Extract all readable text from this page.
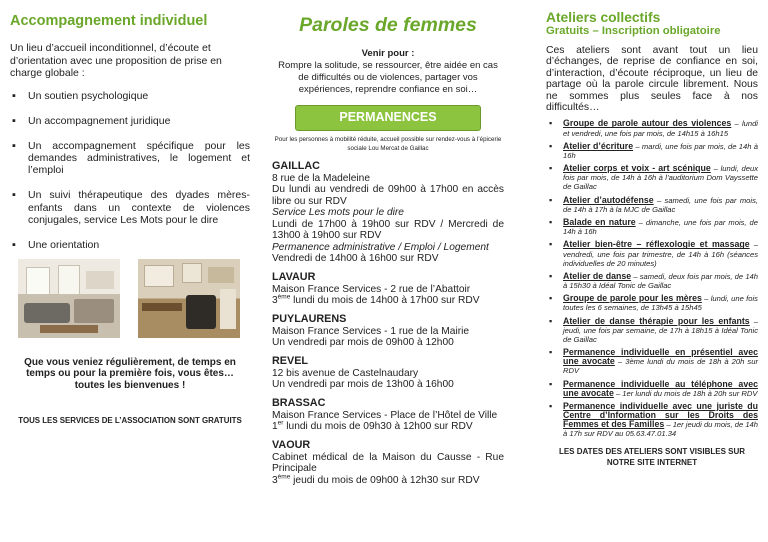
Accompagnement individuel

Un lieu d’accueil inconditionnel, d’écoute et d’orientation avec une proposition de prise en charge globale :

▪ Un soutien psychologique
▪ Un accompagnement juridique
▪ Un accompagnement spécifique pour les demandes administratives, le logement et l’emploi
▪ Un suivi thérapeutique des dyades mères-enfants dans un contexte de violences conjugales, service Les Mots pour le dire
▪ Une orientation

Que vous veniez régulièrement, de temps en temps ou pour la première fois, vous êtes… toutes les bienvenues !

TOUS LES SERVICES DE L’ASSOCIATION SONT GRATUITS

Paroles de femmes

Venir pour :

Rompre la solitude, se ressourcer, être aidée en cas de difficultés ou de violences, partager vos expériences, reprendre confiance en soi…

PERMANENCES

Pour les personnes à mobilité réduite, accueil possible sur rendez-vous à l’épicerie sociale Lou Mercat de Gaillac

GAILLAC

8 rue de la Madeleine

Du lundi au vendredi de 09h00 à 17h00 en accès libre ou sur RDV

Service Les mots pour le dire

Lundi de 17h00 à 19h00 sur RDV / Mercredi de 13h00 à 19h00 sur RDV

Permanence administrative / Emploi / Logement

Vendredi de 14h00 à 16h00 sur RDV

LAVAUR

Maison France Services - 2 rue de l’Abattoir

3ème lundi du mois de 14h00 à 17h00 sur RDV

PUYLAURENS

Maison France Services - 1 rue de la Mairie

Un vendredi par mois de 09h00 à 12h00

REVEL

12 bis avenue de Castelnaudary

Un vendredi par mois de 13h00 à 16h00

BRASSAC

Maison France Services - Place de l’Hôtel de Ville

1er lundi du mois de 09h30 à 12h00 sur RDV

VAOUR

Cabinet médical de la Maison du Causse - Rue Principale

3ème jeudi du mois de 09h00 à 12h30 sur RDV

Ateliers collectifs

Gratuits – Inscription obligatoire

Ces ateliers sont avant tout un lieu d’échanges, de reprise de confiance en soi, d’interaction, d’écoute réciproque, un lieu de partage où la parole circule librement. Nous ne sommes plus seules face à nos difficultés…

▪ Groupe de parole autour des violences – lundi et vendredi, une fois par mois, de 14h15 à 16h15
▪ Atelier d’écriture – mardi, une fois par mois, de 14h à 16h
▪ Atelier corps et voix - art scénique – lundi, deux fois par mois, de 14h à 16h à l’auditorium Dom Vayssette de Gaillac
▪ Atelier d’autodéfense – samedi, une fois par mois, de 14h à 17h à la MJC de Gaillac
▪ Balade en nature – dimanche, une fois par mois, de 14h à 16h
▪ Atelier bien-être – réflexologie et massage – vendredi, une fois par trimestre, de 14h à 16h (séances individuelles de 20 minutes)
▪ Atelier de danse – samedi, deux fois par mois, de 14h à 15h30 à Idéal Tonic de Gaillac
▪ Groupe de parole pour les mères – lundi, une fois toutes les 6 semaines, de 13h45 à 15h45
▪ Atelier de danse thérapie pour les enfants – jeudi, une fois par semaine, de 17h à 18h15 à Idéal Tonic de Gaillac
▪ Permanence individuelle en présentiel avec une avocate – 3ème lundi du mois de 18h à 20h sur RDV
▪ Permanence individuelle au téléphone avec une avocate – 1er lundi du mois de 18h à 20h sur RDV
▪ Permanence individuelle avec une juriste du Centre d’Information sur les Droits des Femmes et des Familles – 1er jeudi du mois, de 14h à 17h sur RDV au 05.63.47.01.34

LES DATES DES ATELIERS SONT VISIBLES SUR NOTRE SITE INTERNET
